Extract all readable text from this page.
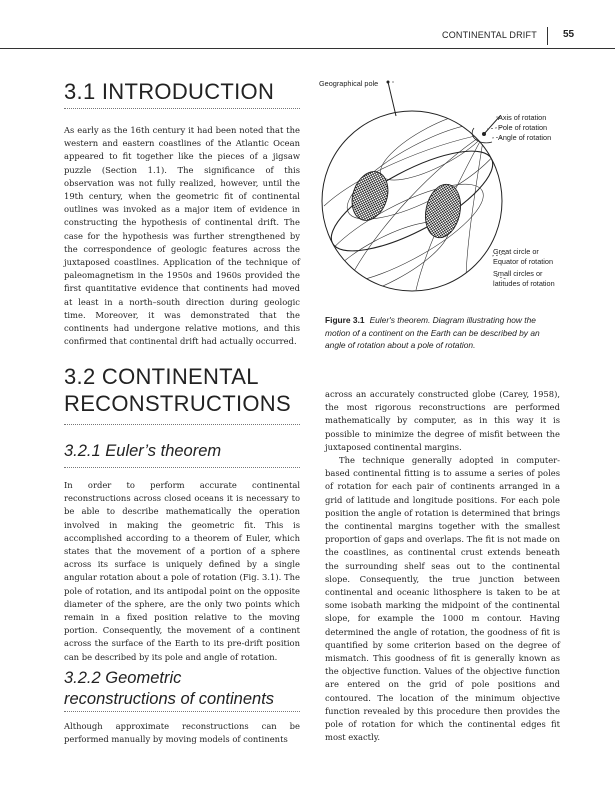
CONTINENTAL DRIFT	55
3.1 INTRODUCTION

As early as the 16th century it had been noted that the western and eastern coastlines of the Atlantic Ocean appeared to fit together like the pieces of a jigsaw puzzle (Section 1.1). The significance of this observation was not fully realized, however, until the 19th century, when the geometric fit of continental outlines was invoked as a major item of evidence in constructing the hypothesis of continental drift. The case for the hypothesis was further strengthened by the correspondence of geologic features across the juxtaposed coastlines. Application of the technique of paleomagnetism in the 1950s and 1960s provided the first quantitative evidence that continents had moved at least in a north–south direction during geologic time. Moreover, it was demonstrated that the continents had undergone relative motions, and this confirmed that continental drift had actually occurred.

Geographical pole
Axis of rotation
Pole of rotation
Angle of rotation
Great circle or
Equator of rotation
Small circles or
latitudes of rotation
Figure 3.1 Euler's theorem. Diagram illustrating how the motion of a continent on the Earth can be described by an angle of rotation about a pole of rotation.
3.2 CONTINENTAL
RECONSTRUCTIONS
3.2.1 Euler’s theorem

In order to perform accurate continental reconstructions across closed oceans it is necessary to be able to describe mathematically the operation involved in making the geometric fit. This is accomplished according to a theorem of Euler, which states that the movement of a portion of a sphere across its surface is uniquely defined by a single angular rotation about a pole of rotation (Fig. 3.1). The pole of rotation, and its antipodal point on the opposite diameter of the sphere, are the only two points which remain in a fixed position relative to the moving portion. Consequently, the movement of a continent across the surface of the Earth to its pre-drift position can be described by its pole and angle of rotation.

3.2.2 Geometric
reconstructions of continents

Although approximate reconstructions can be performed manually by moving models of continents

across an accurately constructed globe (Carey, 1958), the most rigorous reconstructions are performed mathematically by computer, as in this way it is possible to minimize the degree of misfit between the juxtaposed continental margins.

The technique generally adopted in computer-based continental fitting is to assume a series of poles of rotation for each pair of continents arranged in a grid of latitude and longitude positions. For each pole position the angle of rotation is determined that brings the continental margins together with the smallest proportion of gaps and overlaps. The fit is not made on the coastlines, as continental crust extends beneath the surrounding shelf seas out to the continental slope. Consequently, the true junction between continental and oceanic lithosphere is taken to be at some isobath marking the midpoint of the continental slope, for example the 1000 m contour. Having determined the angle of rotation, the goodness of fit is quantified by some criterion based on the degree of mismatch. This goodness of fit is generally known as the objective function. Values of the objective function are entered on the grid of pole positions and contoured. The location of the minimum objective function revealed by this procedure then provides the pole of rotation for which the continental edges fit most exactly.
